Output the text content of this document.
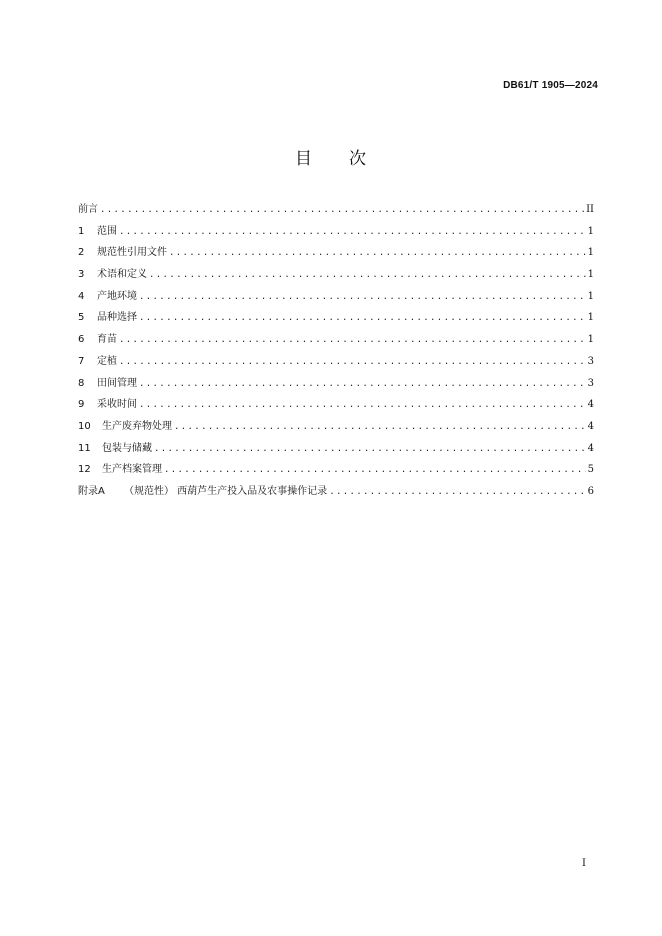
DB61/T 1905—2024
目 次
前言 .....	II
1	范围 .....	1
2	规范性引用文件 .....	1
3	术语和定义 .....	1
4	产地环境 .....	1
5	品种选择 .....	1
6	育苗 .....	1
7	定植 .....	3
8	田间管理 .....	3
9	采收时间 .....	4
10	生产废弃物处理 .....	4
11	包装与储藏 .....	4
12	生产档案管理 .....	5
附录A	（规范性） 西葫芦生产投入品及农事操作记录 .....	6
I
